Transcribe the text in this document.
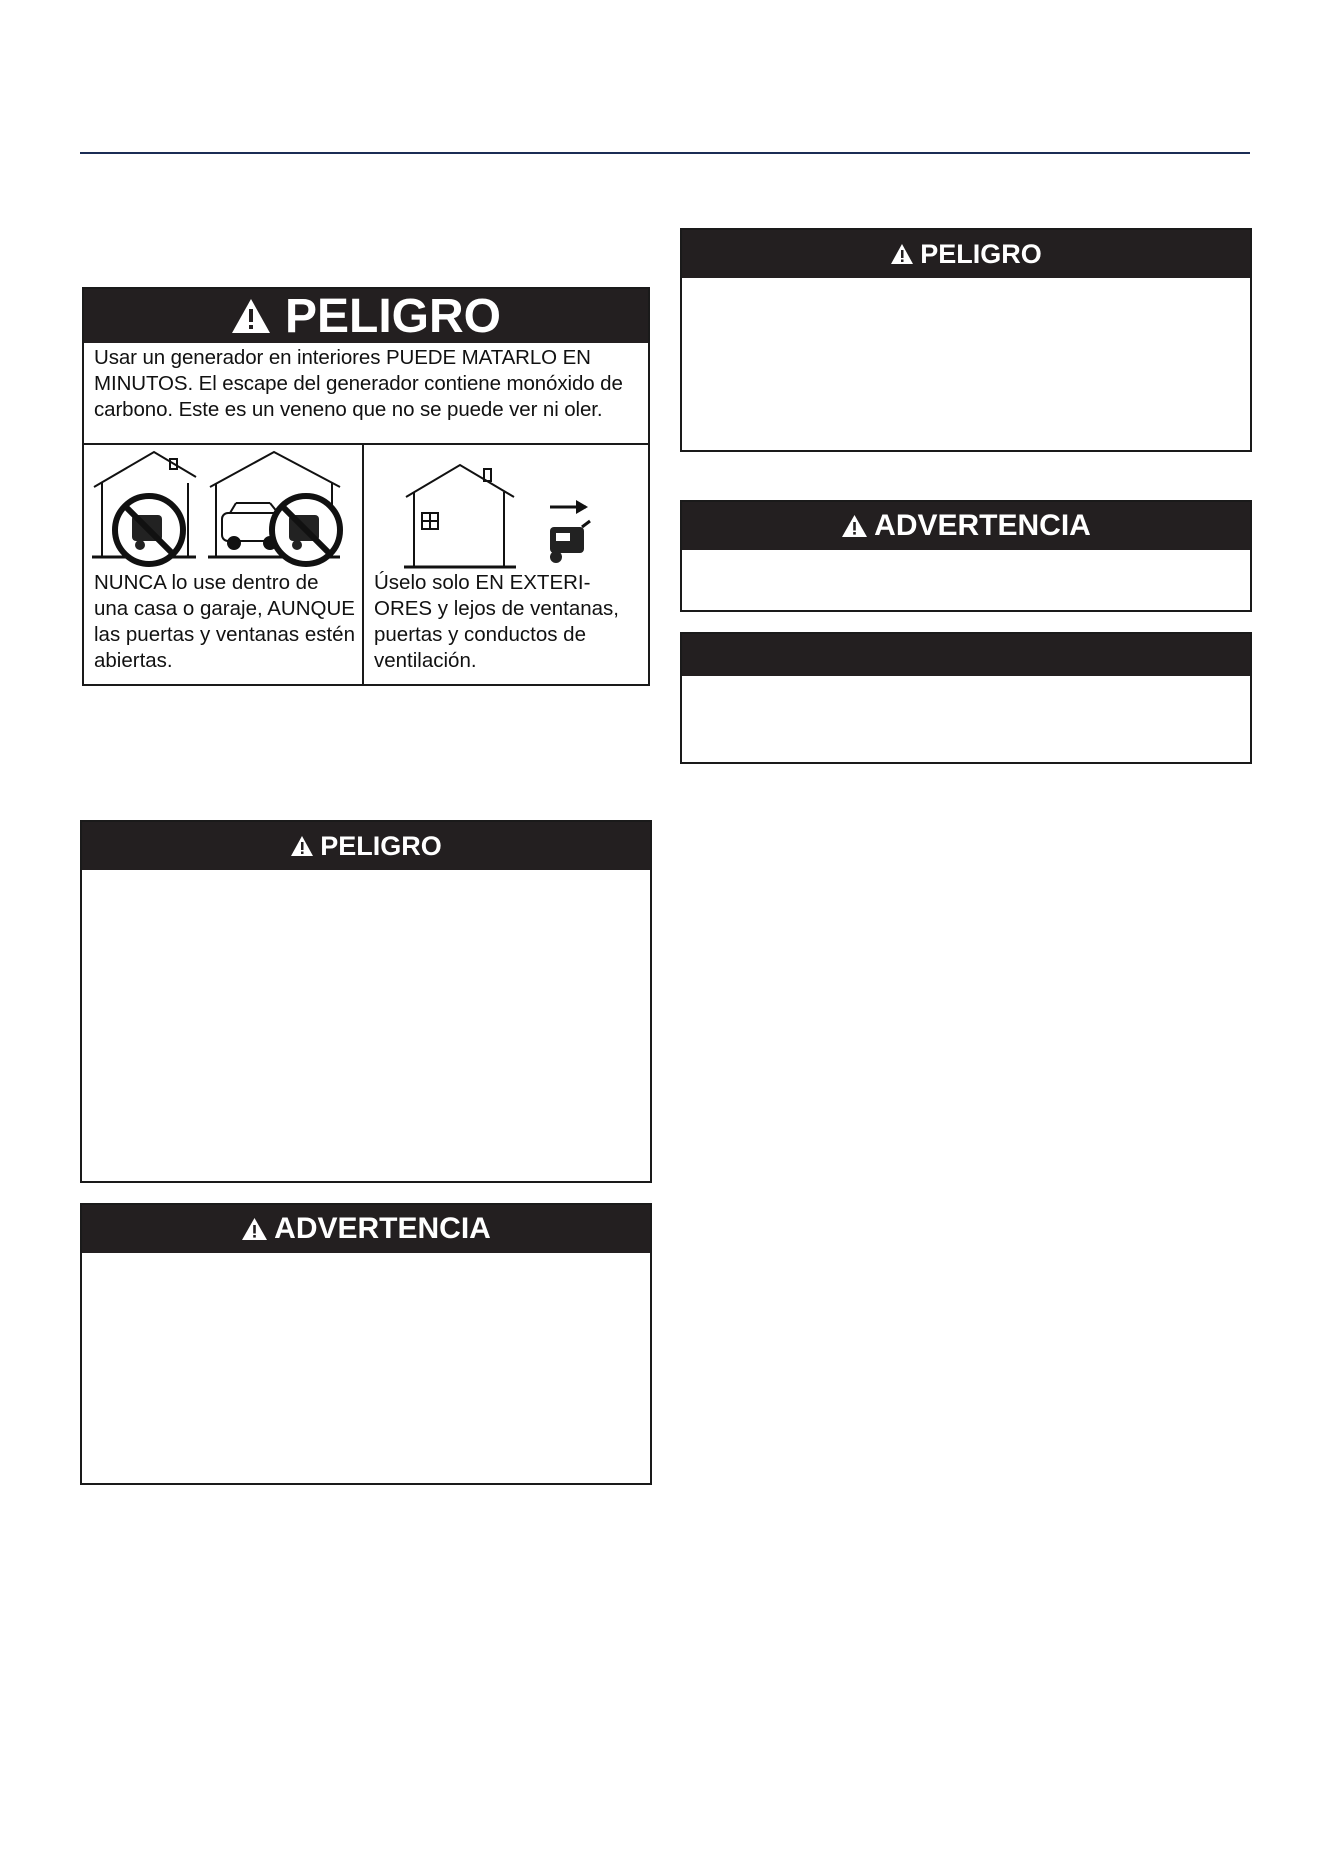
PELIGRO
Usar un generador en interiores PUEDE MATARLO EN MINUTOS. El escape del generador contiene monóxido de carbono. Este es un veneno que no se puede ver ni oler.
NUNCA lo use dentro de una casa o garaje, AUNQUE las puertas y ventanas estén abiertas.
Úselo solo EN EXTERI-ORES y lejos de ventanas, puertas y conductos de ventilación.
PELIGRO
ADVERTENCIA
PELIGRO
ADVERTENCIA
